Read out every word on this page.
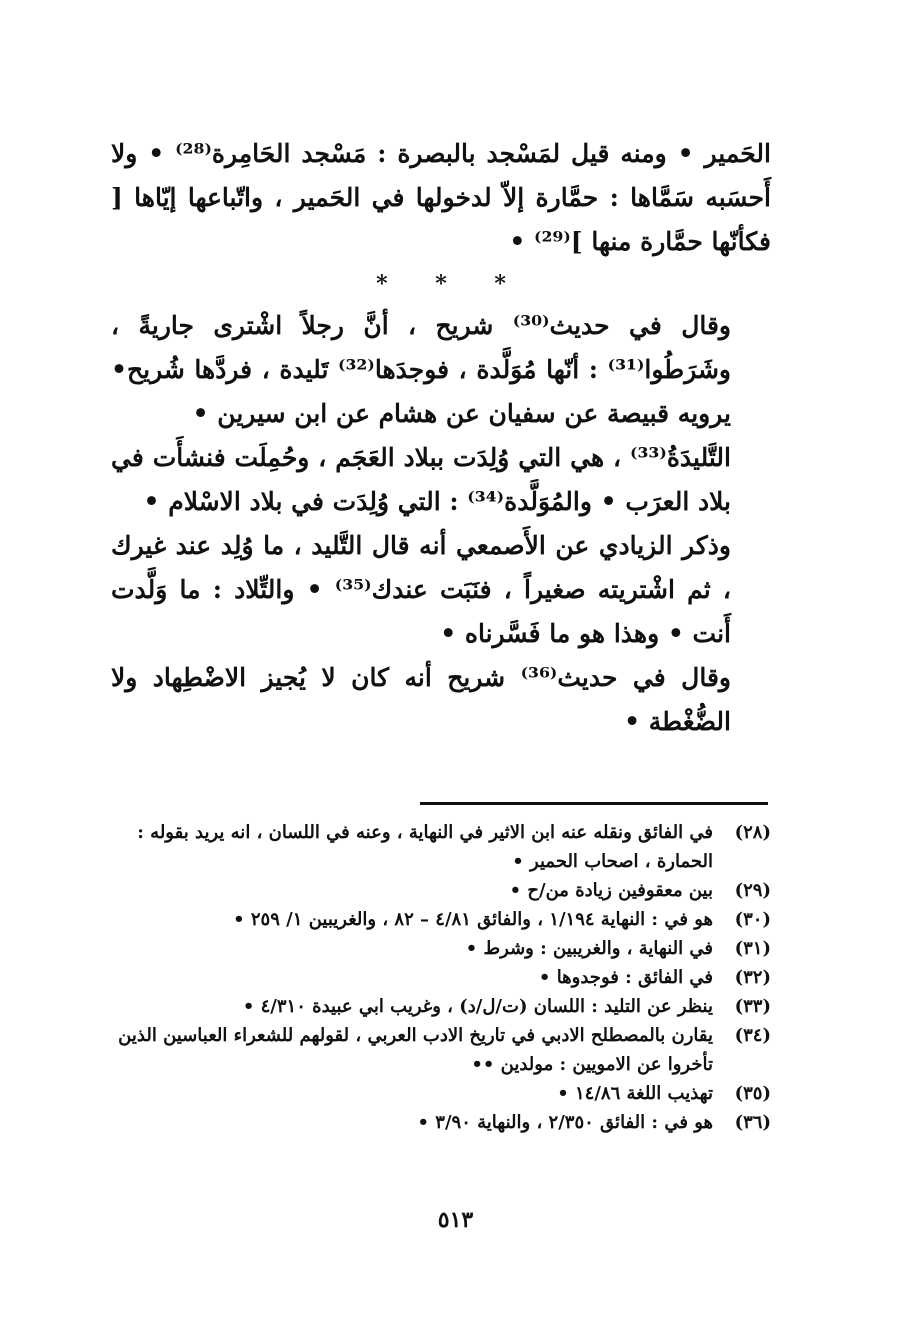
الحَمير • ومنه قيل لمَسْجد بالبصرة : مَسْجد الحَامِرة⁽²⁸⁾ • ولا أَحسَبه سَمَّاها : حمَّارة إلاّ لدخولها في الحَمير ، واتّباعها إيّاها [ فكأنّها حمَّارة منها ]⁽²⁹⁾ •

* * *

وقال في حديث⁽³⁰⁾ شريح ، أنَّ رجلاً اشْترى جاريةً ، وشَرَطُوا⁽³¹⁾ : أنّها مُوَلَّدة ، فوجدَها⁽³²⁾ تَليدة ، فردَّها شُريح• يرويه قبيصة عن سفيان عن هشام عن ابن سيرين •

التَّليدَةُ⁽³³⁾ ، هي التي وُلِدَت ببلاد العَجَم ، وحُمِلَت فنشأَت في بلاد العرَب • والمُوَلَّدة⁽³⁴⁾ : التي وُلِدَت في بلاد الاسْلام •

وذكر الزيادي عن الأَصمعي أنه قال التَّليد ، ما وُلِد عند غيرك ، ثم اشْتريته صغيراً ، فنَبَت عندك⁽³⁵⁾ • والتِّلاد : ما وَلَّدت أَنت • وهذا هو ما فَسَّرناه •

وقال في حديث⁽³⁶⁾ شريح أنه كان لا يُجيز الاضْطِهاد ولا الضُّغْطة •

(٢٨)
في الفائق ونقله عنه ابن الاثير في النهاية ، وعنه في اللسان ، انه يريد بقوله : الحمارة ، اصحاب الحمير •
(٢٩)
بين معقوفين زيادة من/ح •
(٣٠)
هو في : النهاية ١/١٩٤ ، والفائق ٤/٨١ – ٨٢ ، والغريبين ١/ ٢٥٩ •
(٣١)
في النهاية ، والغريبين : وشرط •
(٣٢)
في الفائق : فوجدوها •
(٣٣)
ينظر عن التليد : اللسان (ت/ل/د) ، وغريب ابي عبيدة ٤/٣١٠ •
(٣٤)
يقارن بالمصطلح الادبي في تاريخ الادب العربي ، لقولهم للشعراء العباسين الذين تأخروا عن الامويين : مولدين ••
(٣٥)
تهذيب اللغة ١٤/٨٦ •
(٣٦)
هو في : الفائق ٢/٣٥٠ ، والنهاية ٣/٩٠ •
٥١٣
